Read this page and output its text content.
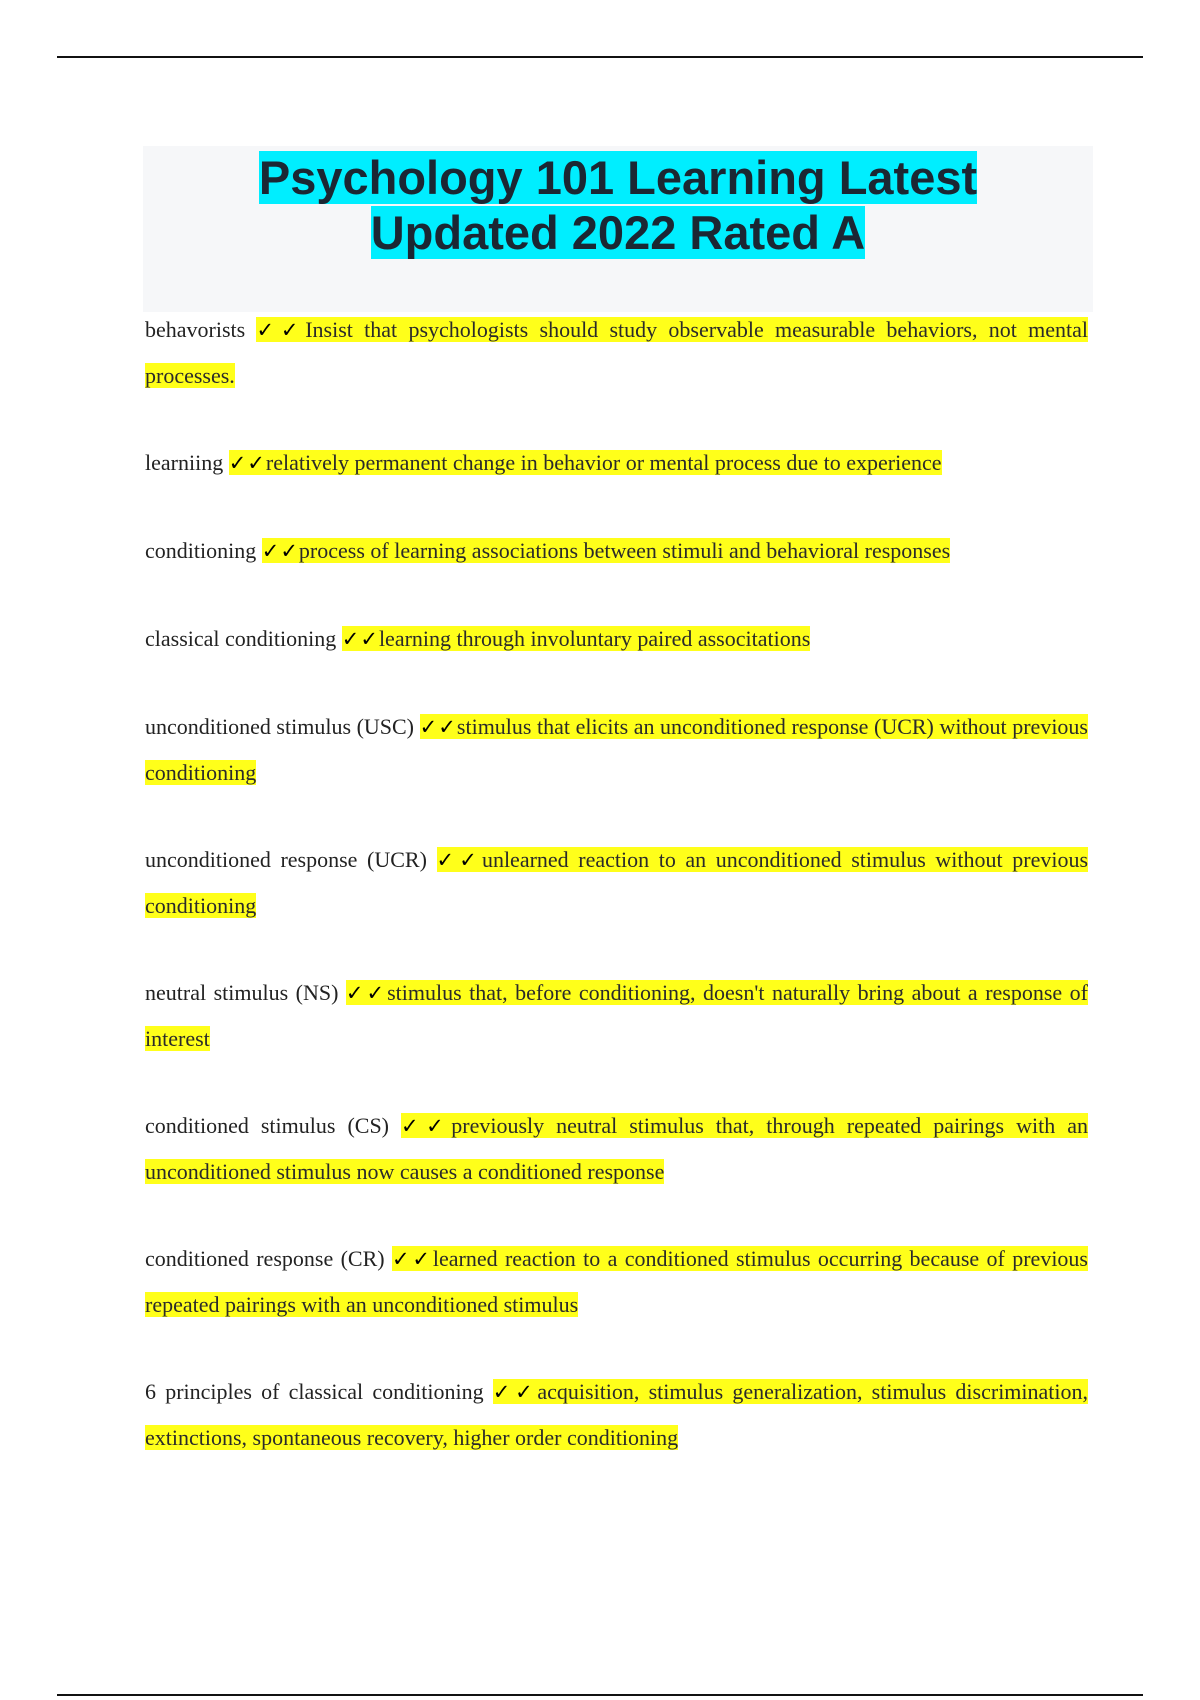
Psychology 101 Learning Latest
Updated 2022 Rated A

behavorists ✓✓Insist that psychologists should study observable measurable behaviors, not mental processes.

learniing ✓✓relatively permanent change in behavior or mental process due to experience

conditioning ✓✓process of learning associations between stimuli and behavioral responses

classical conditioning ✓✓learning through involuntary paired associtations

unconditioned stimulus (USC) ✓✓stimulus that elicits an unconditioned response (UCR) without previous conditioning

unconditioned response (UCR) ✓✓unlearned reaction to an unconditioned stimulus without previous conditioning

neutral stimulus (NS) ✓✓stimulus that, before conditioning, doesn't naturally bring about a response of interest

conditioned stimulus (CS) ✓✓previously neutral stimulus that, through repeated pairings with an unconditioned stimulus now causes a conditioned response

conditioned response (CR) ✓✓learned reaction to a conditioned stimulus occurring because of previous repeated pairings with an unconditioned stimulus

6 principles of classical conditioning ✓✓acquisition, stimulus generalization, stimulus discrimination, extinctions, spontaneous recovery, higher order conditioning
